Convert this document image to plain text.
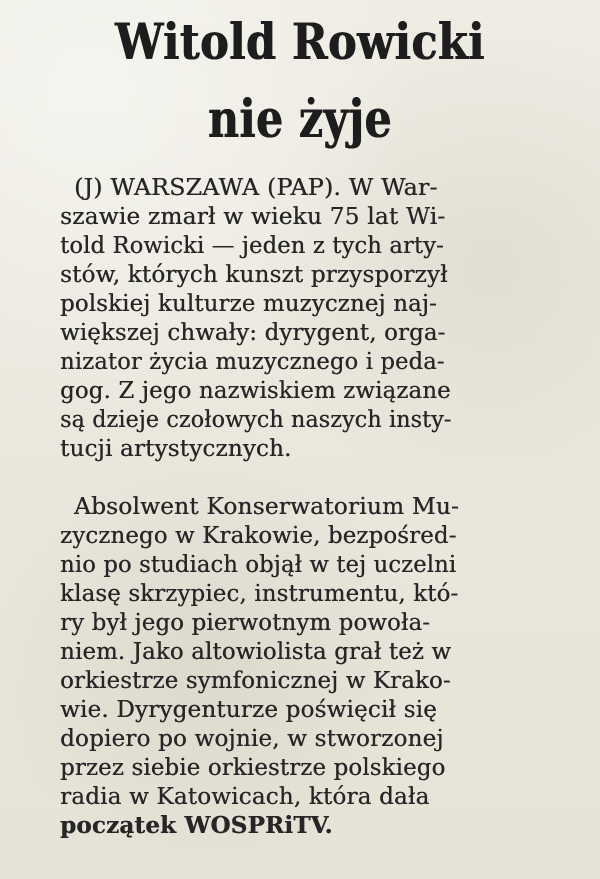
Witold Rowicki
nie żyje
(J) WARSZAWA (PAP). W War-
szawie zmarł w wieku 75 lat Wi-
told Rowicki — jeden z tych arty-
stów, których kunszt przysporzył
polskiej kulturze muzycznej naj-
większej chwały: dyrygent, orga-
nizator życia muzycznego i peda-
gog. Z jego nazwiskiem związane
są dzieje czołowych naszych insty-
tucji artystycznych.
Absolwent Konserwatorium Mu-
zycznego w Krakowie, bezpośred-
nio po studiach objął w tej uczelni
klasę skrzypiec, instrumentu, któ-
ry był jego pierwotnym powoła-
niem. Jako altowiolista grał też w
orkiestrze symfonicznej w Krako-
wie. Dyrygenturze poświęcił się
dopiero po wojnie, w stworzonej
przez siebie orkiestrze polskiego
radia w Katowicach, która dała
początek WOSPRiTV.
